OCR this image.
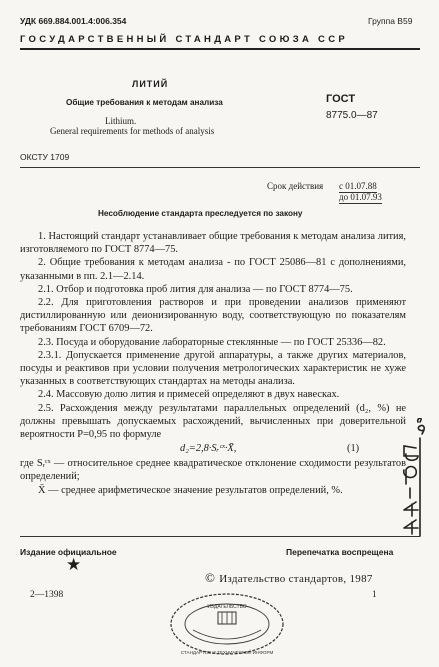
УДК 669.884.001.4:006.354	Группа В59
ГОСУДАРСТВЕННЫЙ СТАНДАРТ СОЮЗА ССР
ЛИТИЙ
Общие требования к методам анализа
Lithium.
General requirements for methods of analysis
ГОСТ
8775.0—87
ОКСТУ 1709
Срок действия с 01.07.88
до 01.07.93
Несоблюдение стандарта преследуется по закону

1. Настоящий стандарт устанавливает общие требования к методам анализа лития, изготовляемого по ГОСТ 8774—75.

2. Общие требования к методам анализа - по ГОСТ 25086—81 с дополнениями, указанными в пп. 2.1—2.14.

2.1. Отбор и подготовка проб лития для анализа — по ГОСТ 8774—75.

2.2. Для приготовления растворов и при проведении анализов применяют дистиллированную или деионизированную воду, соответствующую по показателям требованиям ГОСТ 6709—72.

2.3. Посуда и оборудование лабораторные стеклянные — по ГОСТ 25336—82.

2.3.1. Допускается применение другой аппаратуры, а также других материалов, посуды и реактивов при условии получения метрологических характеристик не хуже указанных в соответствующих стандартах на методы анализа.

2.4. Массовую долю лития и примесей определяют в двух навесках.

2.5. Расхождения между результатами параллельных определений (d₂, %) не должны превышать допускаемых расхождений, вычисленных при доверительной вероятности P=0,95 по формуле

d₂=2,8·Sᵣᶜˣ·X̄,	(1)

где Sᵣᶜˣ — относительное среднее квадратическое отклонение сходимости результатов определений;

X̄ — среднее арифметическое значение результатов определений, %.

Издание официальное	Перепечатка воспрещена
★
© Издательство стандартов, 1987
2—1398	1
ИЗДАТЕЛЬСТВО
СТАНДАРТОВ И ТЕХНИЧЕСКОЙ ИНФОРМ
